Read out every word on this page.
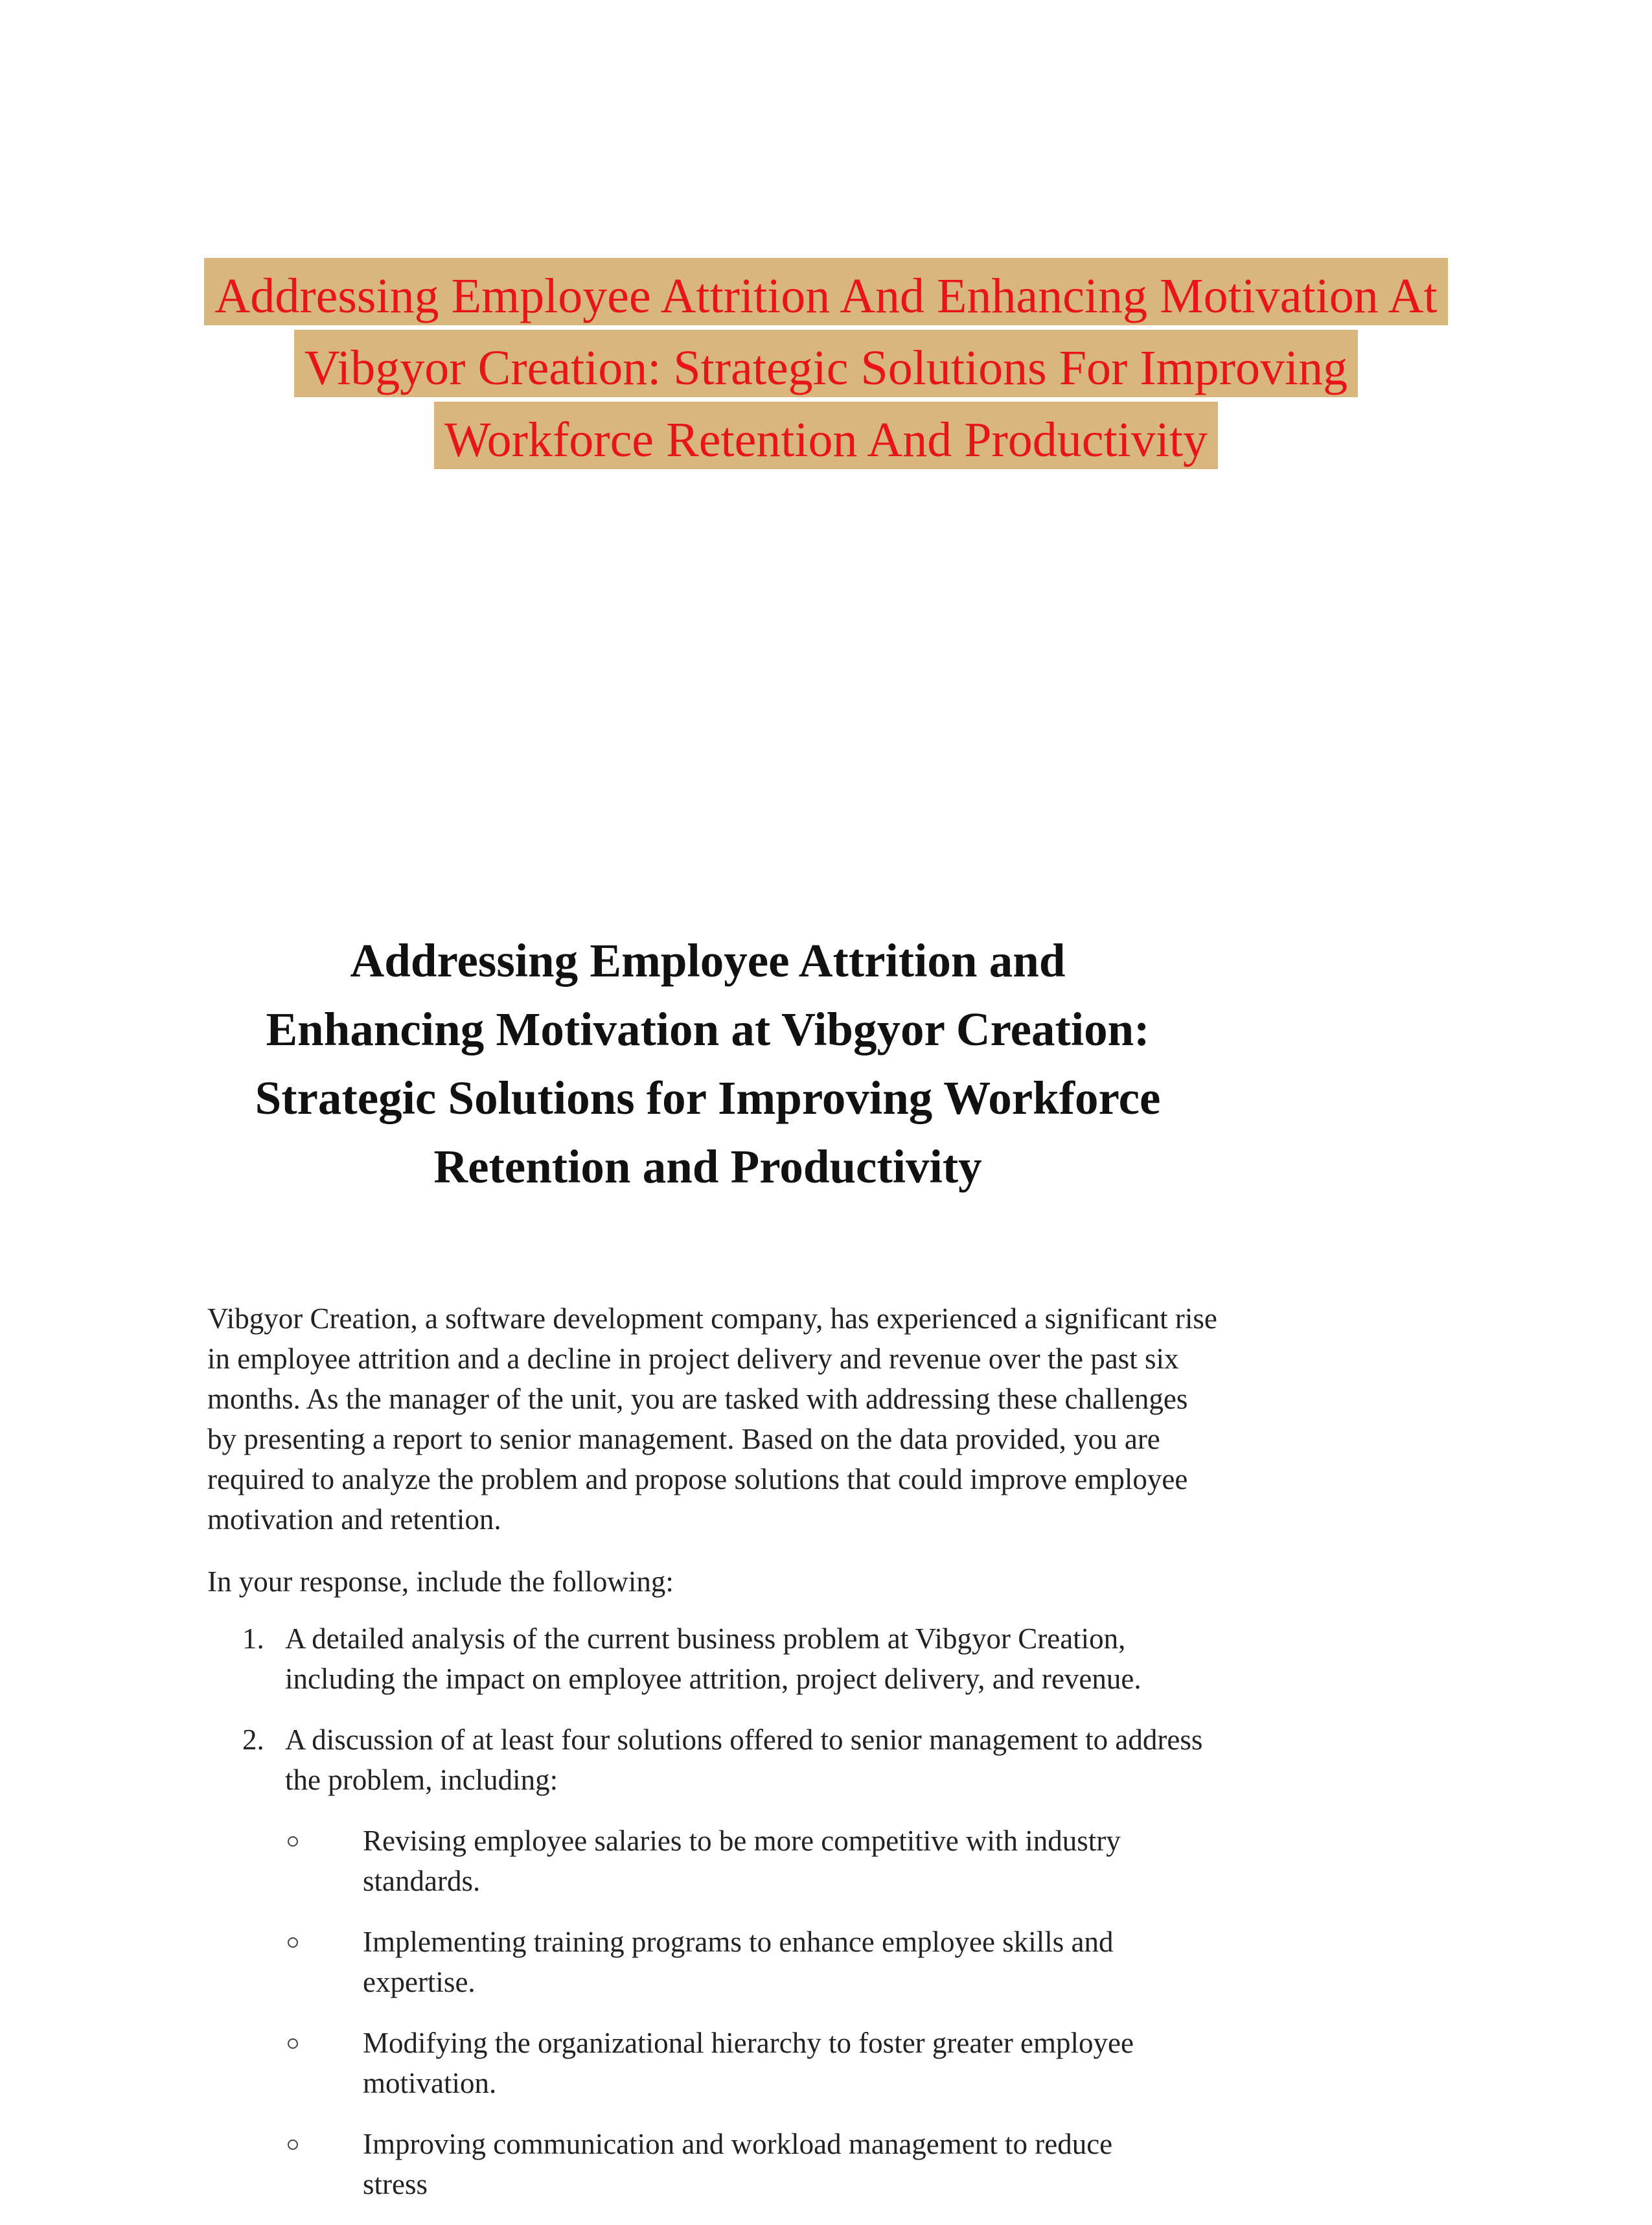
Addressing Employee Attrition And Enhancing Motivation At
Vibgyor Creation: Strategic Solutions For Improving
Workforce Retention And Productivity
Addressing Employee Attrition and
Enhancing Motivation at Vibgyor Creation:
Strategic Solutions for Improving Workforce
Retention and Productivity

Vibgyor Creation, a software development company, has experienced a significant rise in employee attrition and a decline in project delivery and revenue over the past six months. As the manager of the unit, you are tasked with addressing these challenges by presenting a report to senior management. Based on the data provided, you are required to analyze the problem and propose solutions that could improve employee motivation and retention.

In your response, include the following:

1. A detailed analysis of the current business problem at Vibgyor Creation, including the impact on employee attrition, project delivery, and revenue.
2. A discussion of at least four solutions offered to senior management to address the problem, including:
Revising employee salaries to be more competitive with industry standards.
Implementing training programs to enhance employee skills and expertise.
Modifying the organizational hierarchy to foster greater employee motivation.
Improving communication and workload management to reduce stress
